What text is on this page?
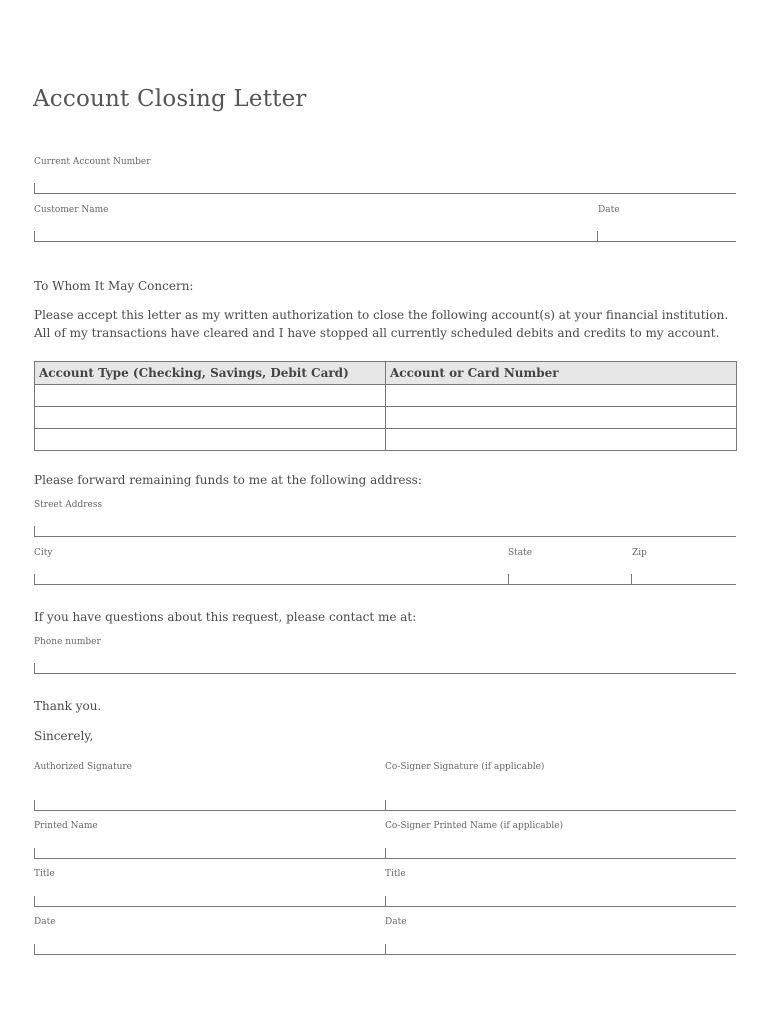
Account Closing Letter
Current Account Number
Customer Name	Date
To Whom It May Concern:
Please accept this letter as my written authorization to close the following account(s) at your financial institution. All of my transactions have cleared and I have stopped all currently scheduled debits and credits to my account.
Account Type (Checking, Savings, Debit Card)	Account or Card Number

Please forward remaining funds to me at the following address:
Street Address
City	State	Zip
If you have questions about this request, please contact me at:
Phone number
Thank you.
Sincerely,
Authorized Signature	Co-Signer Signature (if applicable)
Printed Name	Co-Signer Printed Name (if applicable)
Title	Title
Date	Date
